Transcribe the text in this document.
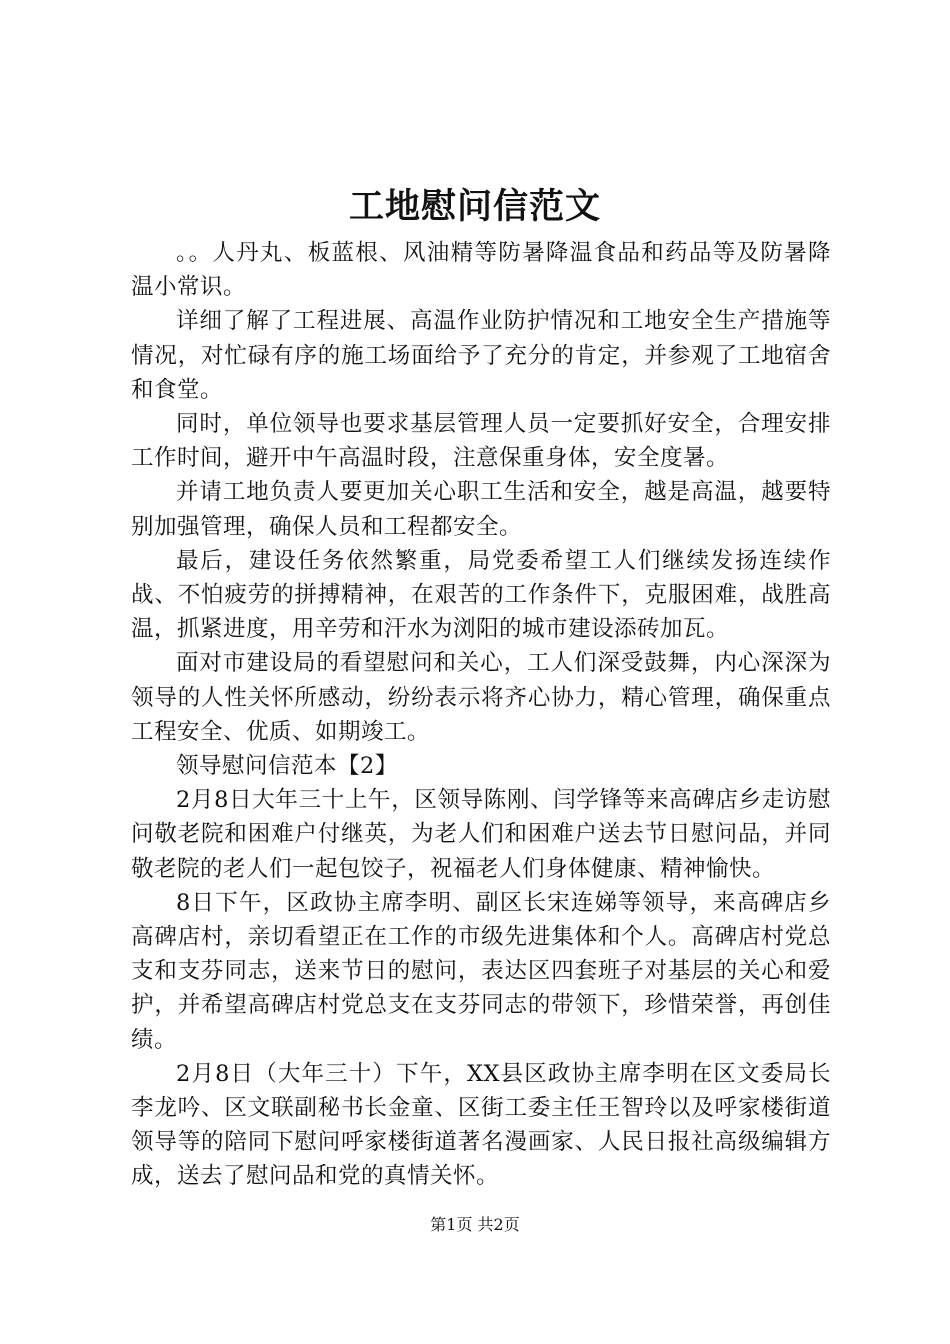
工地慰问信范文

。。人丹丸、板蓝根、风油精等防暑降温食品和药品等及防暑降温小常识。

详细了解了工程进展、高温作业防护情况和工地安全生产措施等情况，对忙碌有序的施工场面给予了充分的肯定，并参观了工地宿舍和食堂。

同时，单位领导也要求基层管理人员一定要抓好安全，合理安排工作时间，避开中午高温时段，注意保重身体，安全度暑。

并请工地负责人要更加关心职工生活和安全，越是高温，越要特别加强管理，确保人员和工程都安全。

最后，建设任务依然繁重，局党委希望工人们继续发扬连续作战、不怕疲劳的拼搏精神，在艰苦的工作条件下，克服困难，战胜高温，抓紧进度，用辛劳和汗水为浏阳的城市建设添砖加瓦。

面对市建设局的看望慰问和关心，工人们深受鼓舞，内心深深为领导的人性关怀所感动，纷纷表示将齐心协力，精心管理，确保重点工程安全、优质、如期竣工。

领导慰问信范本【2】

2月8日大年三十上午，区领导陈刚、闫学锋等来高碑店乡走访慰问敬老院和困难户付继英，为老人们和困难户送去节日慰问品，并同敬老院的老人们一起包饺子，祝福老人们身体健康、精神愉快。

8日下午，区政协主席李明、副区长宋连娣等领导，来高碑店乡高碑店村，亲切看望正在工作的市级先进集体和个人。高碑店村党总支和支芬同志，送来节日的慰问，表达区四套班子对基层的关心和爱护，并希望高碑店村党总支在支芬同志的带领下，珍惜荣誉，再创佳绩。

2月8日（大年三十）下午，XX县区政协主席李明在区文委局长李龙吟、区文联副秘书长金童、区街工委主任王智玲以及呼家楼街道领导等的陪同下慰问呼家楼街道著名漫画家、人民日报社高级编辑方成，送去了慰问品和党的真情关怀。

第1页 共2页
